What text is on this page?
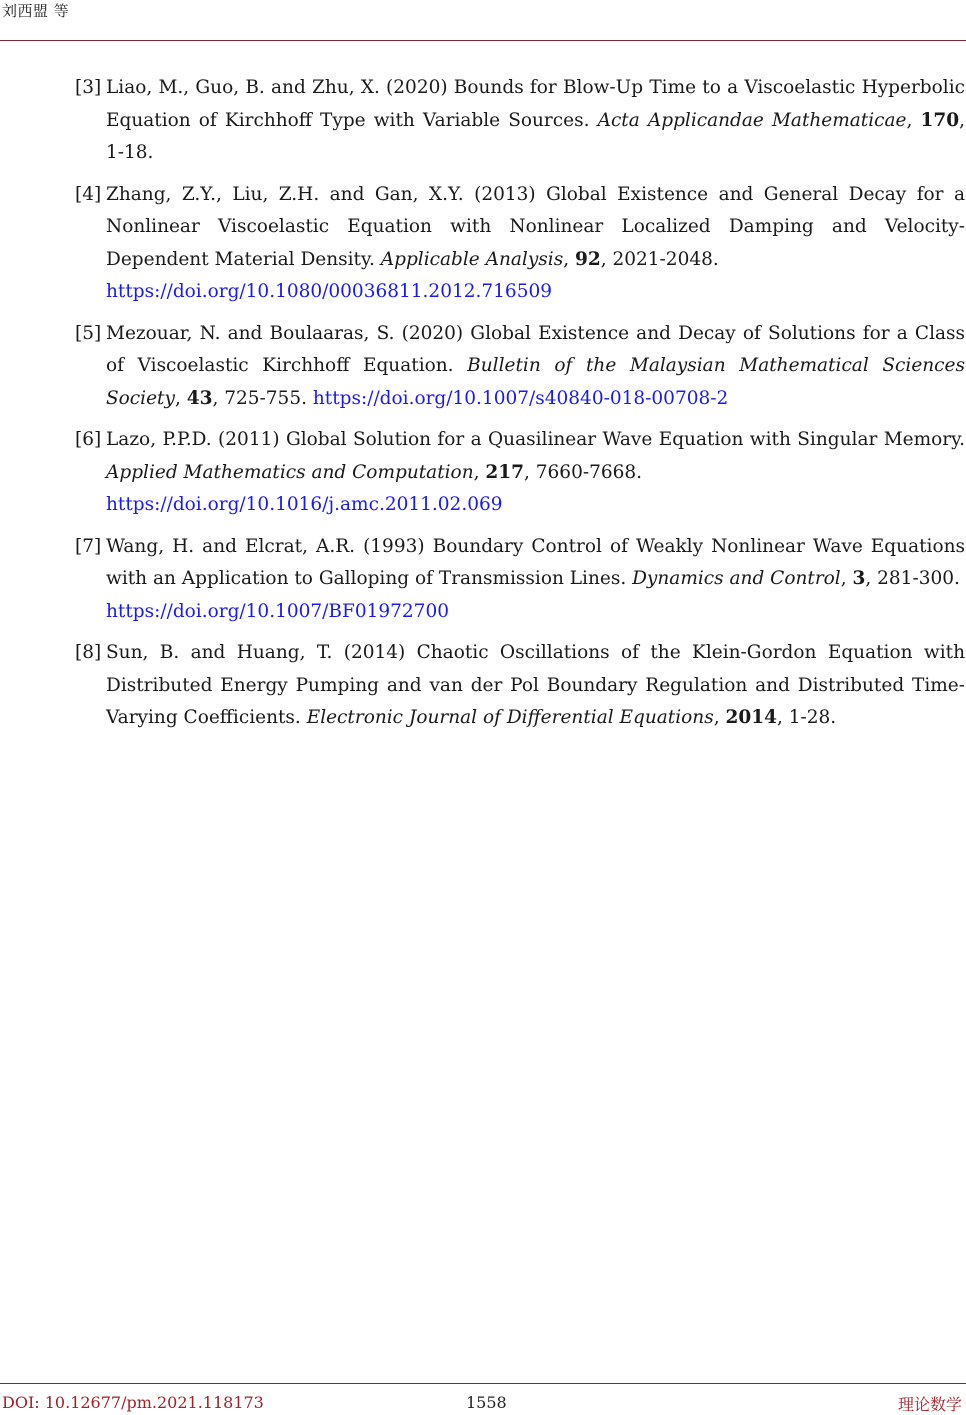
刘西盟 等
[3] Liao, M., Guo, B. and Zhu, X. (2020) Bounds for Blow-Up Time to a Viscoelastic Hyperbolic Equation of Kirchhoff Type with Variable Sources. Acta Applicandae Mathematicae, 170, 1-18.
[4] Zhang, Z.Y., Liu, Z.H. and Gan, X.Y. (2013) Global Existence and General Decay for a Nonlinear Viscoelastic Equation with Nonlinear Localized Damping and Velocity-Dependent Material Density. Applicable Analysis, 92, 2021-2048.
https://doi.org/10.1080/00036811.2012.716509
[5] Mezouar, N. and Boulaaras, S. (2020) Global Existence and Decay of Solutions for a Class of Viscoelastic Kirchhoff Equation. Bulletin of the Malaysian Mathematical Sciences Society, 43, 725-755. https://doi.org/10.1007/s40840-018-00708-2
[6] Lazo, P.P.D. (2011) Global Solution for a Quasilinear Wave Equation with Singular Memory. Applied Mathematics and Computation, 217, 7660-7668.
https://doi.org/10.1016/j.amc.2011.02.069
[7] Wang, H. and Elcrat, A.R. (1993) Boundary Control of Weakly Nonlinear Wave Equations with an Application to Galloping of Transmission Lines. Dynamics and Control, 3, 281-300.
https://doi.org/10.1007/BF01972700
[8] Sun, B. and Huang, T. (2014) Chaotic Oscillations of the Klein-Gordon Equation with Distributed Energy Pumping and van der Pol Boundary Regulation and Distributed Time-Varying Coefficients. Electronic Journal of Differential Equations, 2014, 1-28.
DOI: 10.12677/pm.2021.118173	1558	理论数学
